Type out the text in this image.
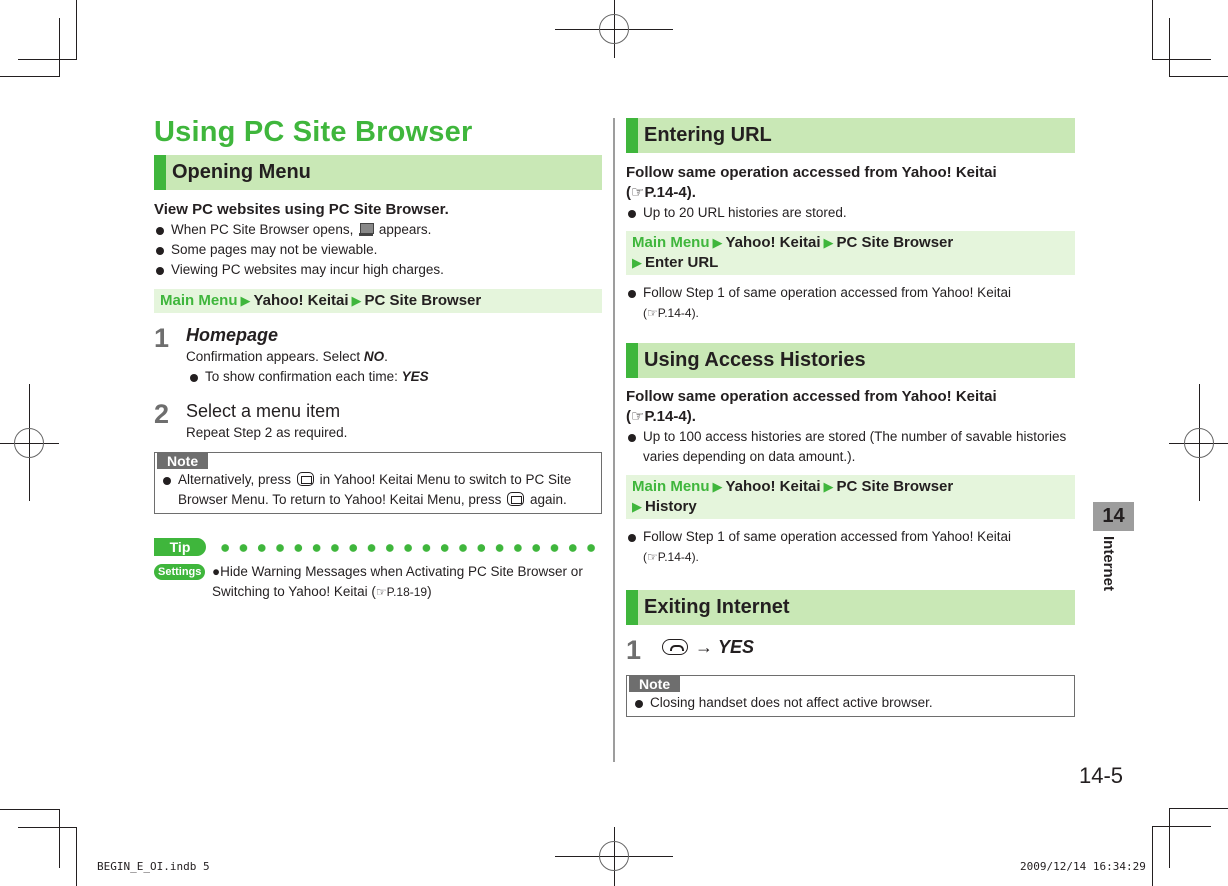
Using PC Site Browser
Opening Menu
View PC websites using PC Site Browser.
When PC Site Browser opens, appears.
Some pages may not be viewable.
Viewing PC websites may incur high charges.
Main Menu ▶ Yahoo! Keitai ▶ PC Site Browser
1 Homepage
Confirmation appears. Select NO.
To show confirmation each time: YES
2 Select a menu item
Repeat Step 2 as required.
Note
Alternatively, press in Yahoo! Keitai Menu to switch to PC Site Browser Menu. To return to Yahoo! Keitai Menu, press again.
Tip
Settings ●Hide Warning Messages when Activating PC Site Browser or Switching to Yahoo! Keitai (☞P.18-19)
Entering URL
Follow same operation accessed from Yahoo! Keitai
(☞P.14-4).
Up to 20 URL histories are stored.
Main Menu ▶ Yahoo! Keitai ▶ PC Site Browser
▶ Enter URL
Follow Step 1 of same operation accessed from Yahoo! Keitai
(☞P.14-4).
Using Access Histories
Follow same operation accessed from Yahoo! Keitai
(☞P.14-4).
Up to 100 access histories are stored (The number of savable histories varies depending on data amount.).
Main Menu ▶ Yahoo! Keitai ▶ PC Site Browser
▶ History
Follow Step 1 of same operation accessed from Yahoo! Keitai
(☞P.14-4).
Exiting Internet
1	→ YES
Note
Closing handset does not affect active browser.
14
Internet
14-5
BEGIN_E_OI.indb 5	2009/12/14 16:34:29
